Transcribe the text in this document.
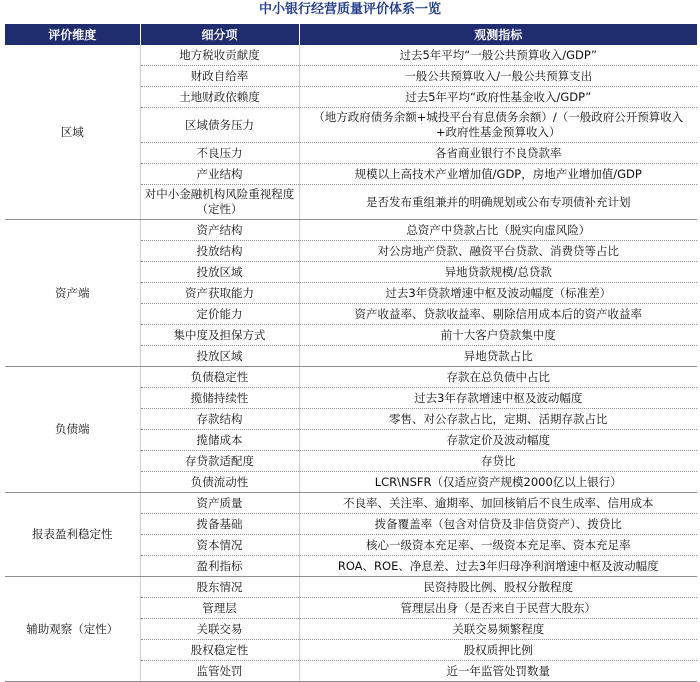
中小银行经营质量评价体系一览
评价维度	细分项	观测指标
区域	地方税收贡献度	过去5年平均“一般公共预算收入/GDP”
	财政自给率	一般公共预算收入/一般公共预算支出
	土地财政依赖度	过去5年平均“政府性基金收入/GDP”
	区域债务压力	（地方政府债务余额+城投平台有息债务余额）/（一般政府公开预算收入+政府性基金预算收入）
	不良压力	各省商业银行不良贷款率
	产业结构	规模以上高技术产业增加值/GDP，房地产业增加值/GDP
	对中小金融机构风险重视程度（定性）	是否发布重组兼并的明确规划或公布专项债补充计划
资产端	资产结构	总资产中贷款占比（脱实向虚风险）
	投放结构	对公房地产贷款、融资平台贷款、消费贷等占比
	投放区域	异地贷款规模/总贷款
	资产获取能力	过去3年贷款增速中枢及波动幅度（标准差）
	定价能力	资产收益率、贷款收益率、剔除信用成本后的资产收益率
	集中度及担保方式	前十大客户贷款集中度
	投放区域	异地贷款占比
负债端	负债稳定性	存款在总负债中占比
	揽储持续性	过去3年存款增速中枢及波动幅度
	存款结构	零售、对公存款占比，定期、活期存款占比
	揽储成本	存款定价及波动幅度
	存贷款适配度	存贷比
	负债流动性	LCR\NSFR（仅适应资产规模2000亿以上银行）
报表盈利稳定性	资产质量	不良率、关注率、逾期率、加回核销后不良生成率、信用成本
	拨备基础	拨备覆盖率（包含对信贷及非信贷资产）、拨贷比
	资本情况	核心一级资本充足率、一级资本充足率、资本充足率
	盈利指标	ROA、ROE、净息差、过去3年归母净利润增速中枢及波动幅度
辅助观察（定性）	股东情况	民资持股比例、股权分散程度
	管理层	管理层出身（是否来自于民营大股东）
	关联交易	关联交易频繁程度
	股权稳定性	股权质押比例
	监管处罚	近一年监管处罚数量
